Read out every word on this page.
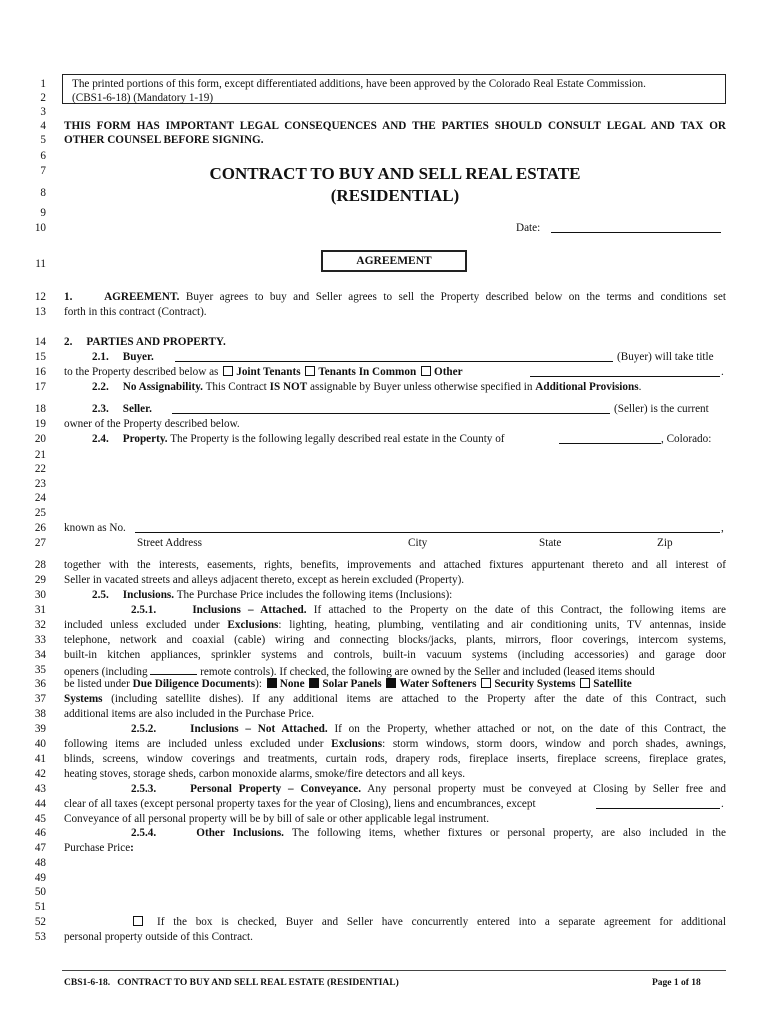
1
2
3
4
5
6
7
8
9
10
11
12
13
14
15
16
17
18
19
20
21
22
23
24
25
26
27
28
29
30
31
32
33
34
35
36
37
38
39
40
41
42
43
44
45
46
47
48
49
50
51
52
53
The printed portions of this form, except differentiated additions, have been approved by the Colorado Real Estate Commission.
(CBS1-6-18) (Mandatory 1-19)
THIS FORM HAS IMPORTANT LEGAL CONSEQUENCES AND THE PARTIES SHOULD CONSULT LEGAL AND TAX OR
OTHER COUNSEL BEFORE SIGNING.
CONTRACT TO BUY AND SELL REAL ESTATE
(RESIDENTIAL)
Date:
AGREEMENT
1.     AGREEMENT. Buyer agrees to buy and Seller agrees to sell the Property described below on the terms and conditions set
forth in this contract (Contract).
2.     PARTIES AND PROPERTY.
2.1.     Buyer.	(Buyer) will take title
to the Property described below as Joint Tenants Tenants In Common Other	.
2.2.     No Assignability. This Contract IS NOT assignable by Buyer unless otherwise specified in Additional Provisions.
2.3.     Seller.	(Seller) is the current
owner of the Property described below.
2.4.     Property. The Property is the following legally described real estate in the County of	, Colorado:
known as No.	,
Street Address	City	State	Zip
together with the interests, easements, rights, benefits, improvements and attached fixtures appurtenant thereto and all interest of
Seller in vacated streets and alleys adjacent thereto, except as herein excluded (Property).
2.5.     Inclusions. The Purchase Price includes the following items (Inclusions):
2.5.1.     Inclusions – Attached. If attached to the Property on the date of this Contract, the following items are
included unless excluded under Exclusions: lighting, heating, plumbing, ventilating and air conditioning units, TV antennas, inside
telephone, network and coaxial (cable) wiring and connecting blocks/jacks, plants, mirrors, floor coverings, intercom systems,
built-in kitchen appliances, sprinkler systems and controls, built-in vacuum systems (including accessories) and garage door
openers (including	remote controls). If checked, the following are owned by the Seller and included (leased items should
be listed under Due Diligence Documents): None Solar Panels Water Softeners Security Systems Satellite
Systems (including satellite dishes). If any additional items are attached to the Property after the date of this Contract, such
additional items are also included in the Purchase Price.
2.5.2.     Inclusions – Not Attached. If on the Property, whether attached or not, on the date of this Contract, the
following items are included unless excluded under Exclusions: storm windows, storm doors, window and porch shades, awnings,
blinds, screens, window coverings and treatments, curtain rods, drapery rods, fireplace inserts, fireplace screens, fireplace grates,
heating stoves, storage sheds, carbon monoxide alarms, smoke/fire detectors and all keys.
2.5.3.     Personal Property – Conveyance. Any personal property must be conveyed at Closing by Seller free and
clear of all taxes (except personal property taxes for the year of Closing), liens and encumbrances, except	.
Conveyance of all personal property will be by bill of sale or other applicable legal instrument.
2.5.4.     Other Inclusions. The following items, whether fixtures or personal property, are also included in the
Purchase Price:
If the box is checked, Buyer and Seller have concurrently entered into a separate agreement for additional
personal property outside of this Contract.
CBS1-6-18.   CONTRACT TO BUY AND SELL REAL ESTATE (RESIDENTIAL)	Page 1 of 18
